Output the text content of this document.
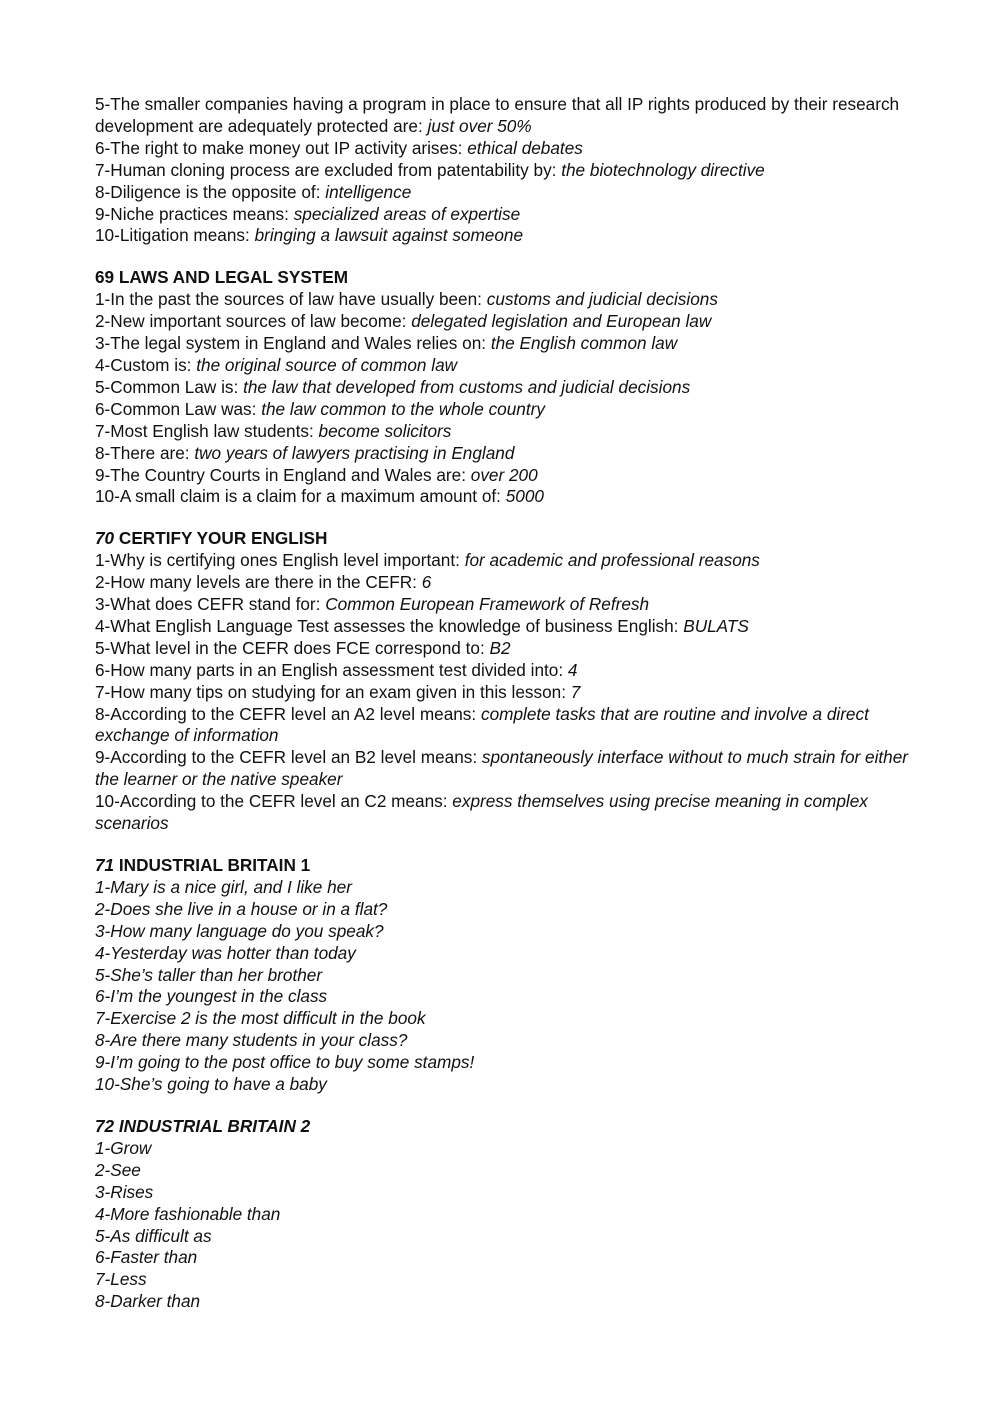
5-The smaller companies having a program in place to ensure that all IP rights produced by their research development are adequately protected are: just over 50%

6-The right to make money out IP activity arises: ethical debates

7-Human cloning process are excluded from patentability by: the biotechnology directive

8-Diligence is the opposite of: intelligence

9-Niche practices means: specialized areas of expertise

10-Litigation means: bringing a lawsuit against someone

69 LAWS AND LEGAL SYSTEM

1-In the past the sources of law have usually been: customs and judicial decisions

2-New important sources of law become: delegated legislation and European law

3-The legal system in England and Wales relies on: the English common law

4-Custom is: the original source of common law

5-Common Law is: the law that developed from customs and judicial decisions

6-Common Law was: the law common to the whole country

7-Most English law students: become solicitors

8-There are: two years of lawyers practising in England

9-The Country Courts in England and Wales are: over 200

10-A small claim is a claim for a maximum amount of: 5000

70 CERTIFY YOUR ENGLISH

1-Why is certifying ones English level important: for academic and professional reasons

2-How many levels are there in the CEFR: 6

3-What does CEFR stand for: Common European Framework of Refresh

4-What English Language Test assesses the knowledge of business English: BULATS

5-What level in the CEFR does FCE correspond to: B2

6-How many parts in an English assessment test divided into: 4

7-How many tips on studying for an exam given in this lesson: 7

8-According to the CEFR level an A2 level means: complete tasks that are routine and involve a direct exchange of information

9-According to the CEFR level an B2 level means: spontaneously interface without to much strain for either the learner or the native speaker

10-According to the CEFR level an C2 means: express themselves using precise meaning in complex scenarios

71 INDUSTRIAL BRITAIN 1

1-Mary is a nice girl, and I like her

2-Does she live in a house or in a flat?

3-How many language do you speak?

4-Yesterday was hotter than today

5-She’s taller than her brother

6-I’m the youngest in the class

7-Exercise 2 is the most difficult in the book

8-Are there many students in your class?

9-I’m going to the post office to buy some stamps!

10-She’s going to have a baby

72 INDUSTRIAL BRITAIN 2

1-Grow

2-See

3-Rises

4-More fashionable than

5-As difficult as

6-Faster than

7-Less

8-Darker than
